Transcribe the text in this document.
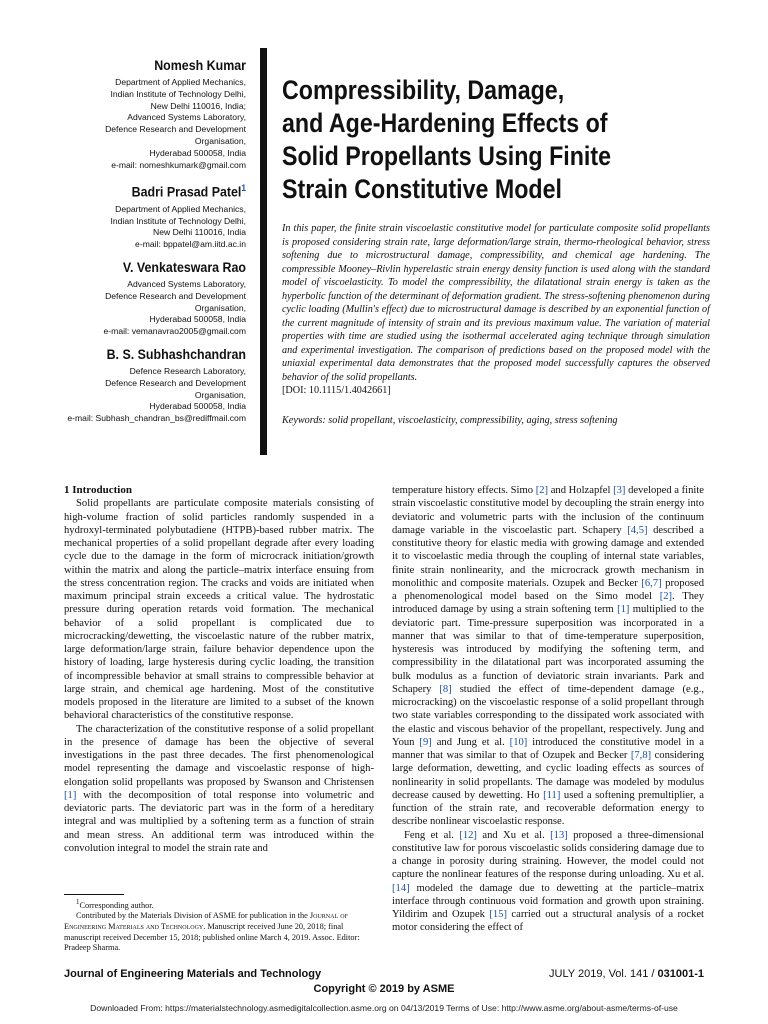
Nomesh Kumar

Department of Applied Mechanics,

Indian Institute of Technology Delhi,

New Delhi 110016, India;

Advanced Systems Laboratory,

Defence Research and Development

Organisation,

Hyderabad 500058, India

e-mail: nomeshkumark@gmail.com

Badri Prasad Patel$^1$

Department of Applied Mechanics,

Indian Institute of Technology Delhi,

New Delhi 110016, India

e-mail: bppatel@am.iitd.ac.in

V. Venkateswara Rao

Advanced Systems Laboratory,

Defence Research and Development

Organisation,

Hyderabad 500058, India

e-mail: vemanavrao2005@gmail.com

B. S. Subhashchandran

Defence Research Laboratory,

Defence Research and Development

Organisation,

Hyderabad 500058, India

e-mail: Subhash_chandran_bs@rediffmail.com

Compressibility, Damage,
and Age-Hardening Effects of
Solid Propellants Using Finite
Strain Constitutive Model
In this paper, the finite strain viscoelastic constitutive model for particulate composite solid propellants is proposed considering strain rate, large deformation/large strain, thermo-rheological behavior, stress softening due to microstructural damage, compressibility, and chemical age hardening. The compressible Mooney–Rivlin hyperelastic strain energy density function is used along with the standard model of viscoelasticity. To model the compressibility, the dilatational strain energy is taken as the hyperbolic function of the determinant of deformation gradient. The stress-softening phenomenon during cyclic loading (Mullin's effect) due to microstructural damage is described by an exponential function of the current magnitude of intensity of strain and its previous maximum value. The variation of material properties with time are studied using the isothermal accelerated aging technique through simulation and experimental investigation. The comparison of predictions based on the proposed model with the uniaxial experimental data demonstrates that the proposed model successfully captures the observed behavior of the solid propellants.
[DOI: 10.1115/1.4042661]
Keywords: solid propellant, viscoelasticity, compressibility, aging, stress softening

1 Introduction

Solid propellants are particulate composite materials consisting of high-volume fraction of solid particles randomly suspended in a hydroxyl-terminated polybutadiene (HTPB)-based rubber matrix. The mechanical properties of a solid propellant degrade after every loading cycle due to the damage in the form of microcrack initiation/growth within the matrix and along the particle–matrix interface ensuing from the stress concentration region. The cracks and voids are initiated when maximum principal strain exceeds a critical value. The hydrostatic pressure during operation retards void formation. The mechanical behavior of a solid propellant is complicated due to microcracking/dewetting, the viscoelastic nature of the rubber matrix, large deformation/large strain, failure behavior dependence upon the history of loading, large hysteresis during cyclic loading, the transition of incompressible behavior at small strains to compressible behavior at large strain, and chemical age hardening. Most of the constitutive models proposed in the literature are limited to a subset of the known behavioral characteristics of the constitutive response.

The characterization of the constitutive response of a solid propellant in the presence of damage has been the objective of several investigations in the past three decades. The first phenomenological model representing the damage and viscoelastic response of high-elongation solid propellants was proposed by Swanson and Christensen [1] with the decomposition of total response into volumetric and deviatoric parts. The deviatoric part was in the form of a hereditary integral and was multiplied by a softening term as a function of strain and mean stress. An additional term was introduced within the convolution integral to model the strain rate and

temperature history effects. Simo [2] and Holzapfel [3] developed a finite strain viscoelastic constitutive model by decoupling the strain energy into deviatoric and volumetric parts with the inclusion of the continuum damage variable in the viscoelastic part. Schapery [4,5] described a constitutive theory for elastic media with growing damage and extended it to viscoelastic media through the coupling of internal state variables, finite strain nonlinearity, and the microcrack growth mechanism in monolithic and composite materials. Ozupek and Becker [6,7] proposed a phenomenological model based on the Simo model [2]. They introduced damage by using a strain softening term [1] multiplied to the deviatoric part. Time-pressure superposition was incorporated in a manner that was similar to that of time-temperature superposition, hysteresis was introduced by modifying the softening term, and compressibility in the dilatational part was incorporated assuming the bulk modulus as a function of deviatoric strain invariants. Park and Schapery [8] studied the effect of time-dependent damage (e.g., microcracking) on the viscoelastic response of a solid propellant through two state variables corresponding to the dissipated work associated with the elastic and viscous behavior of the propellant, respectively. Jung and Youn [9] and Jung et al. [10] introduced the constitutive model in a manner that was similar to that of Ozupek and Becker [7,8] considering large deformation, dewetting, and cyclic loading effects as sources of nonlinearity in solid propellants. The damage was modeled by modulus decrease caused by dewetting. Ho [11] used a softening premultiplier, a function of the strain rate, and recoverable deformation energy to describe nonlinear viscoelastic response.

Feng et al. [12] and Xu et al. [13] proposed a three-dimensional constitutive law for porous viscoelastic solids considering damage due to a change in porosity during straining. However, the model could not capture the nonlinear features of the response during unloading. Xu et al. [14] modeled the damage due to dewetting at the particle–matrix interface through continuous void formation and growth upon straining. Yildirim and Ozupek [15] carried out a structural analysis of a rocket motor considering the effect of

$^1$Corresponding author.

Contributed by the Materials Division of ASME for publication in the Journal of Engineering Materials and Technology. Manuscript received June 20, 2018; final manuscript received December 15, 2018; published online March 4, 2019. Assoc. Editor: Pradeep Sharma.

Journal of Engineering Materials and Technology	JULY 2019, Vol. 141 / 031001-1
Copyright © 2019 by ASME
Downloaded From: https://materialstechnology.asmedigitalcollection.asme.org on 04/13/2019 Terms of Use: http://www.asme.org/about-asme/terms-of-use
